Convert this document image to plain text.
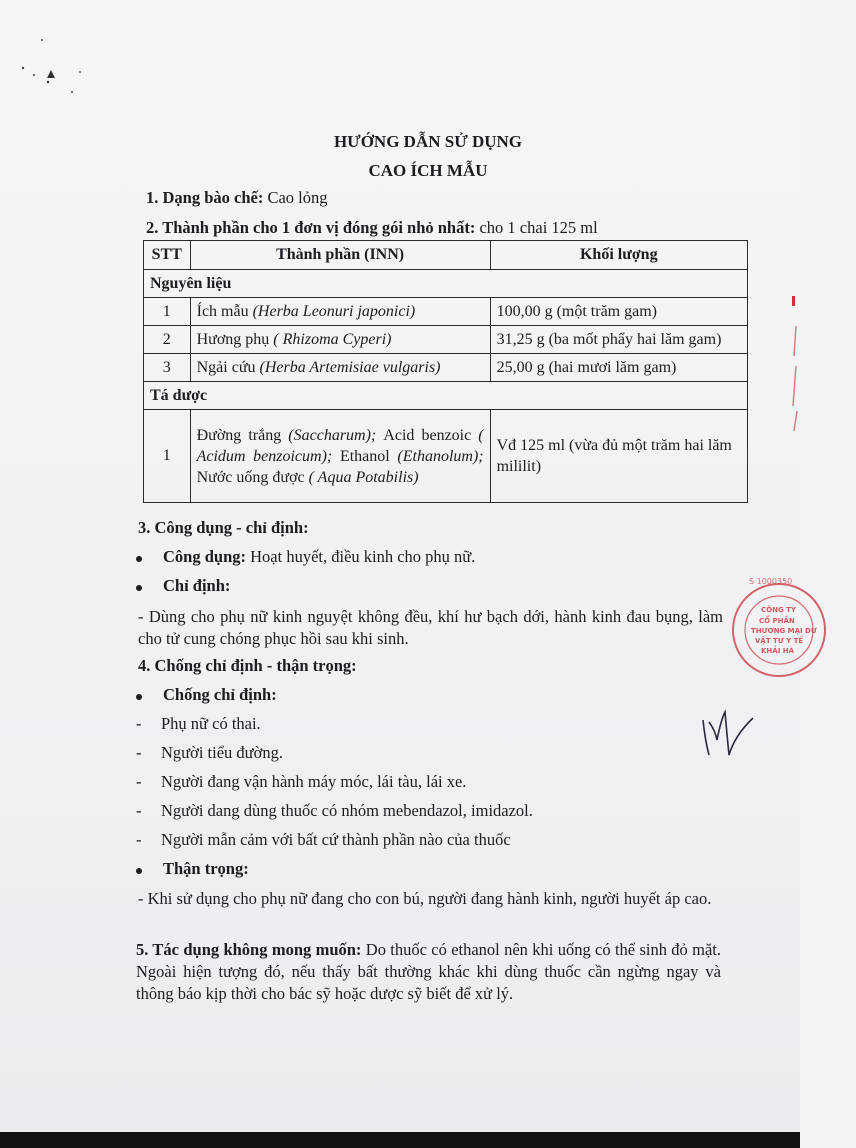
HƯỚNG DẪN SỬ DỤNG
CAO ÍCH MẪU
1. Dạng bào chế: Cao lỏng
2. Thành phần cho 1 đơn vị đóng gói nhỏ nhất: cho 1 chai 125 ml
STT	Thành phần (INN)	Khối lượng
Nguyên liệu		
1	Ích mẫu (Herba Leonuri japonici)	100,00 g (một trăm gam)
2	Hương phụ ( Rhizoma Cyperi)	31,25 g (ba mốt phẩy hai lăm gam)
3	Ngải cứu (Herba Artemisiae vulgaris)	25,00 g (hai mươi lăm gam)
Tá dược		
1	Đường trắng (Saccharum); Acid benzoic ( Acidum benzoicum); Ethanol (Ethanolum); Nước uống được ( Aqua Potabilis)	Vđ 125 ml (vừa đủ một trăm hai lăm mililit)
3. Công dụng - chỉ định:
Công dụng: Hoạt huyết, điều kinh cho phụ nữ.
Chỉ định:
- Dùng cho phụ nữ kinh nguyệt không đều, khí hư bạch dới, hành kinh đau bụng, làm cho tử cung chóng phục hồi sau khi sinh.
4. Chống chỉ định - thận trọng:
Chống chỉ định:
- Phụ nữ có thai.
- Người tiểu đường.
- Người đang vận hành máy móc, lái tàu, lái xe.
- Người dang dùng thuốc có nhóm mebendazol, imidazol.
- Người mẫn cảm với bất cứ thành phần nào của thuốc
Thận trọng:
- Khi sử dụng cho phụ nữ đang cho con bú, người đang hành kinh, người huyết áp cao.
5. Tác dụng không mong muốn: Do thuốc có ethanol nên khi uống có thể sinh đỏ mặt. Ngoài hiện tượng đó, nếu thấy bất thường khác khi dùng thuốc cần ngừng ngay và thông báo kịp thời cho bác sỹ hoặc dược sỹ biết để xử lý.
CÔNG TY
CỔ PHẦN
THƯƠNG MẠI DƯ
VẬT TƯ Y TẾ
KHẢI HÀ
S 1000350
